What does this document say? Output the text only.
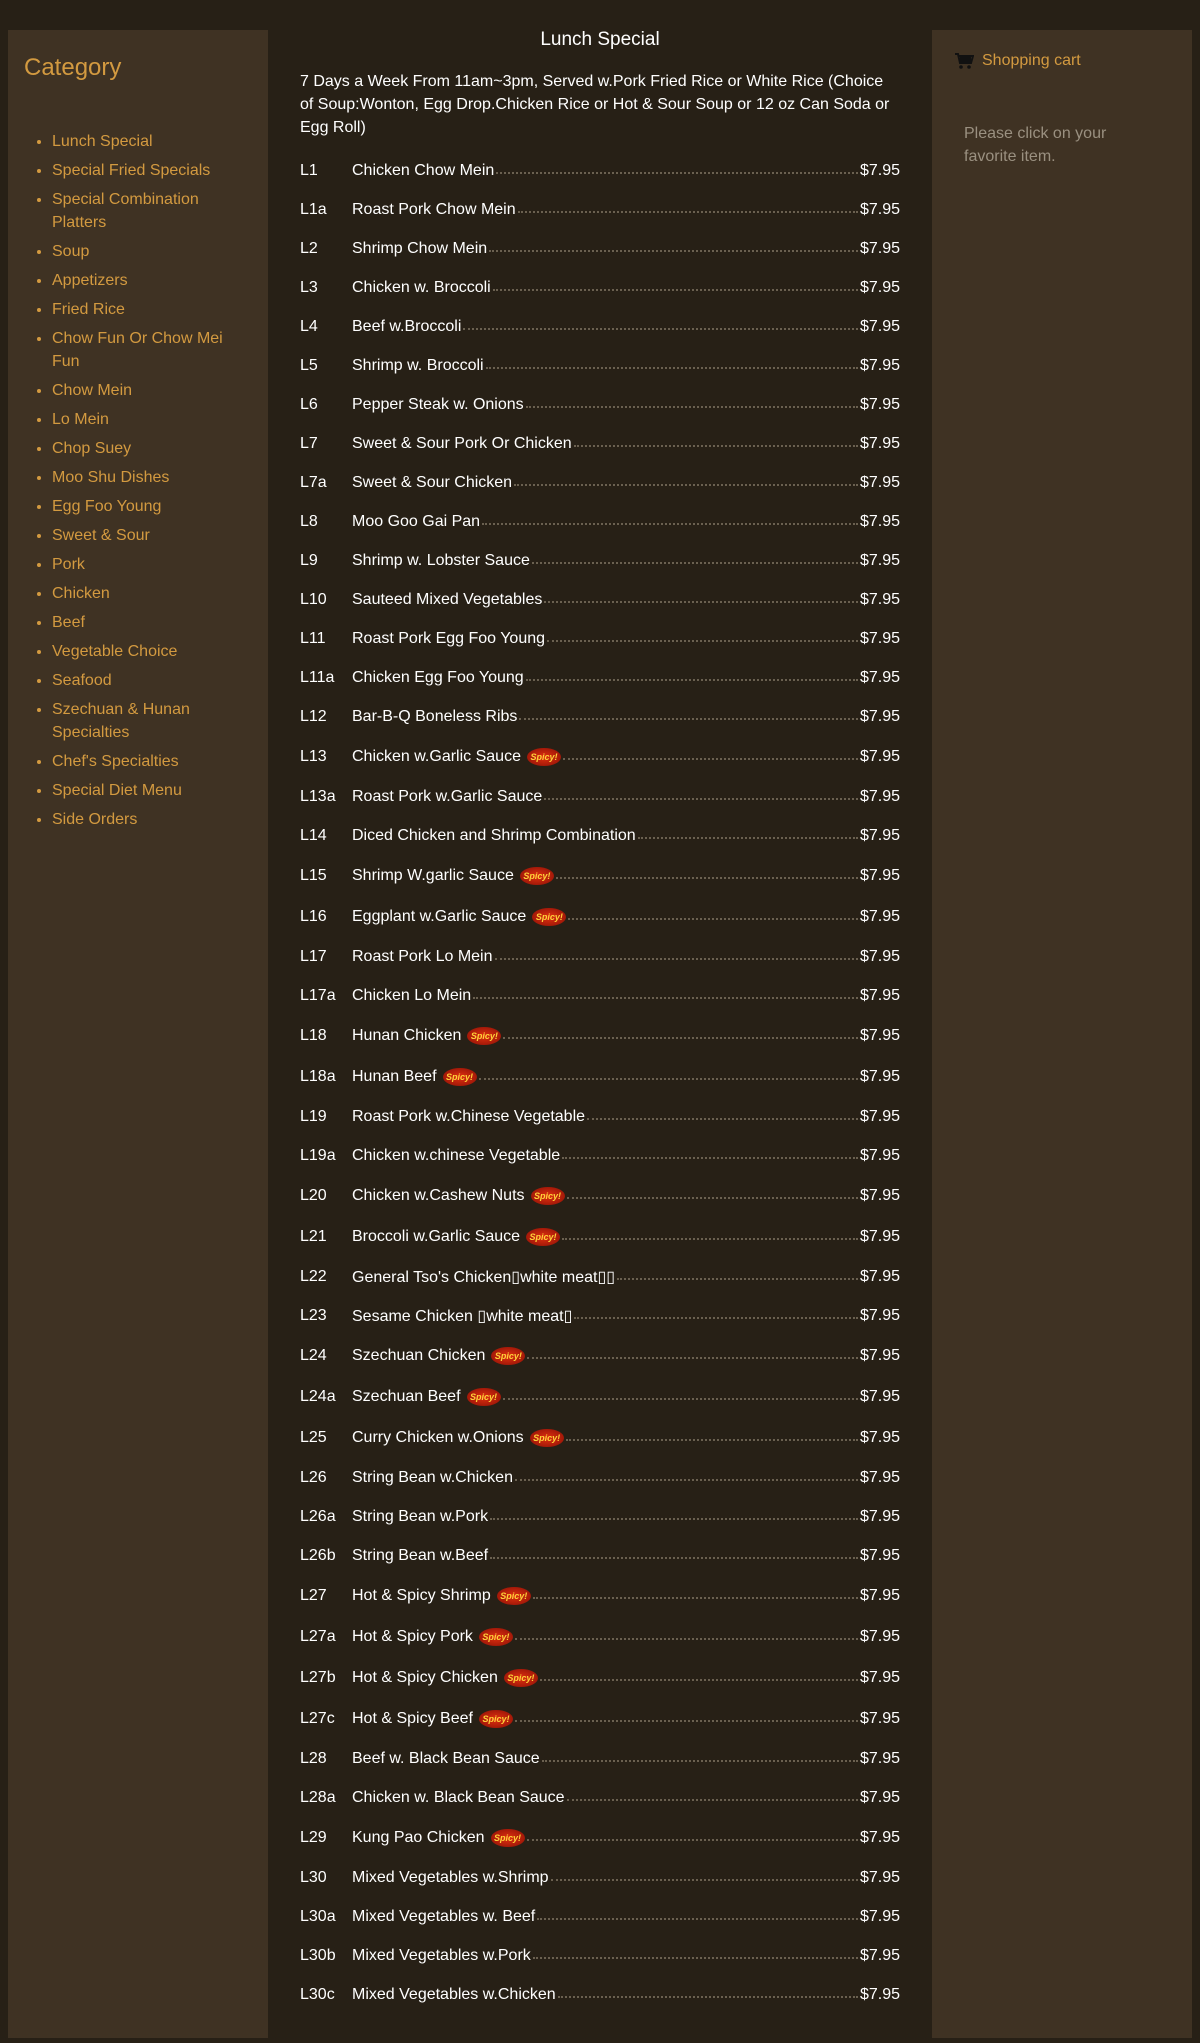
Category
• Lunch Special
• Special Fried Specials
• Special Combination Platters
• Soup
• Appetizers
• Fried Rice
• Chow Fun Or Chow Mei Fun
• Chow Mein
• Lo Mein
• Chop Suey
• Moo Shu Dishes
• Egg Foo Young
• Sweet & Sour
• Pork
• Chicken
• Beef
• Vegetable Choice
• Seafood
• Szechuan & Hunan Specialties
• Chef's Specialties
• Special Diet Menu
• Side Orders
Lunch Special
7 Days a Week From 11am~3pm, Served w.Pork Fried Rice or White Rice (Choice of Soup:Wonton, Egg Drop.Chicken Rice or Hot & Sour Soup or 12 oz Can Soda or Egg Roll)
L1	Chicken Chow Mein	$7.95
L1a	Roast Pork Chow Mein	$7.95
L2	Shrimp Chow Mein	$7.95
L3	Chicken w. Broccoli	$7.95
L4	Beef w.Broccoli	$7.95
L5	Shrimp w. Broccoli	$7.95
L6	Pepper Steak w. Onions	$7.95
L7	Sweet & Sour Pork Or Chicken	$7.95
L7a	Sweet & Sour Chicken	$7.95
L8	Moo Goo Gai Pan	$7.95
L9	Shrimp w. Lobster Sauce	$7.95
L10	Sauteed Mixed Vegetables	$7.95
L11	Roast Pork Egg Foo Young	$7.95
L11a	Chicken Egg Foo Young	$7.95
L12	Bar-B-Q Boneless Ribs	$7.95
L13	Chicken w.Garlic Sauce	Spicy!	$7.95
L13a	Roast Pork w.Garlic Sauce	$7.95
L14	Diced Chicken and Shrimp Combination	$7.95
L15	Shrimp W.garlic Sauce	Spicy!	$7.95
L16	Eggplant w.Garlic Sauce	Spicy!	$7.95
L17	Roast Pork Lo Mein	$7.95
L17a	Chicken Lo Mein	$7.95
L18	Hunan Chicken	Spicy!	$7.95
L18a	Hunan Beef	Spicy!	$7.95
L19	Roast Pork w.Chinese Vegetable	$7.95
L19a	Chicken w.chinese Vegetable	$7.95
L20	Chicken w.Cashew Nuts	Spicy!	$7.95
L21	Broccoli w.Garlic Sauce	Spicy!	$7.95
L22	General Tso's Chicken▯white meat▯▯	$7.95
L23	Sesame Chicken ▯white meat▯	$7.95
L24	Szechuan Chicken	Spicy!	$7.95
L24a	Szechuan Beef	Spicy!	$7.95
L25	Curry Chicken w.Onions	Spicy!	$7.95
L26	String Bean w.Chicken	$7.95
L26a	String Bean w.Pork	$7.95
L26b	String Bean w.Beef	$7.95
L27	Hot & Spicy Shrimp	Spicy!	$7.95
L27a	Hot & Spicy Pork	Spicy!	$7.95
L27b	Hot & Spicy Chicken	Spicy!	$7.95
L27c	Hot & Spicy Beef	Spicy!	$7.95
L28	Beef w. Black Bean Sauce	$7.95
L28a	Chicken w. Black Bean Sauce	$7.95
L29	Kung Pao Chicken	Spicy!	$7.95
L30	Mixed Vegetables w.Shrimp	$7.95
L30a	Mixed Vegetables w. Beef	$7.95
L30b	Mixed Vegetables w.Pork	$7.95
L30c	Mixed Vegetables w.Chicken	$7.95
Shopping cart
Please click on your favorite item.
